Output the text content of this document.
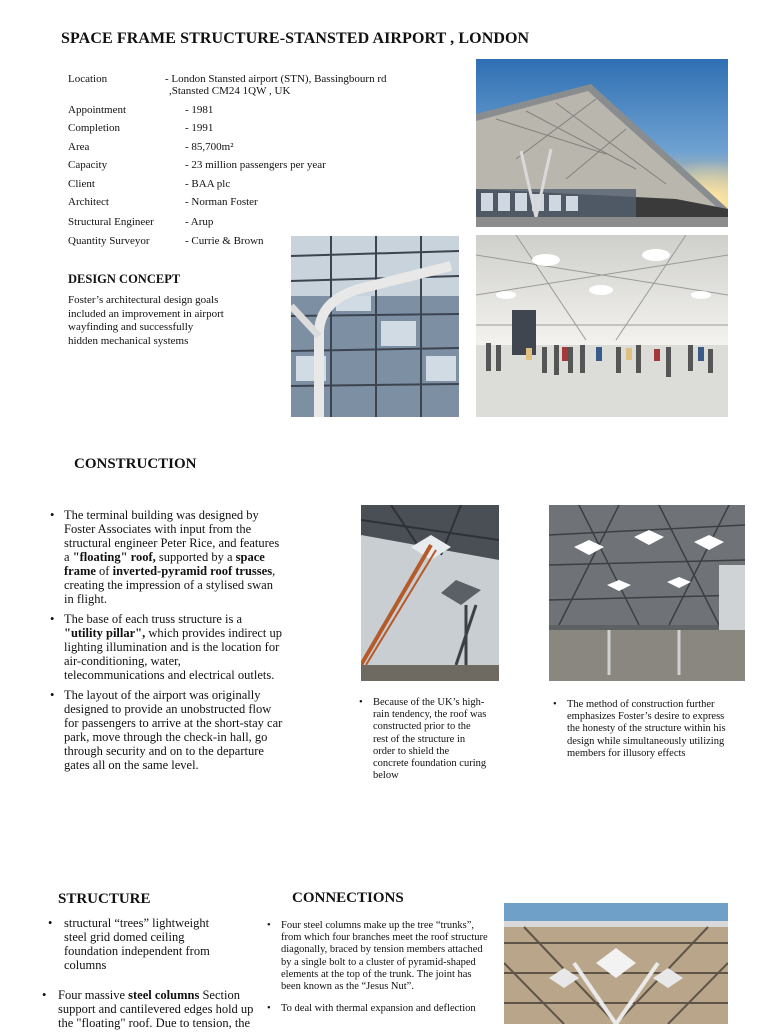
SPACE FRAME STRUCTURE-STANSTED AIRPORT , LONDON
Location	- London Stansted airport (STN), Bassingbourn rd
,Stansted CM24 1QW , UK
Appointment	- 1981
Completion	- 1991
Area	- 85,700m²
Capacity	- 23 million passengers per year
Client	- BAA plc
Architect	- Norman Foster
Structural Engineer	- Arup
Quantity Surveyor	- Currie & Brown
DESIGN CONCEPT
Foster’s architectural design goals
included an improvement in airport
wayfinding and successfully
hidden mechanical systems
CONSTRUCTION
• The terminal building was designed by Foster Associates with input from the structural engineer Peter Rice, and features a "floating" roof, supported by a space frame of inverted-pyramid roof trusses, creating the impression of a stylised swan in flight.
• The base of each truss structure is a "utility pillar", which provides indirect up lighting illumination and is the location for air-conditioning, water, telecommunications and electrical outlets.
• The layout of the airport was originally designed to provide an unobstructed flow for passengers to arrive at the short-stay car park, move through the check-in hall, go through security and on to the departure gates all on the same level.
• Because of the UK’s high-rain tendency, the roof was constructed prior to the rest of the structure in order to shield the concrete foundation curing below
• The method of construction further emphasizes Foster’s desire to express the honesty of the structure within his design while simultaneously utilizing members for illusory effects
STRUCTURE
• structural “trees” lightweight steel grid domed ceiling foundation independent from columns
• Four massive steel columns Section support and cantilevered edges hold up the "floating" roof. Due to tension, the
CONNECTIONS
• Four steel columns make up the tree “trunks”, from which four branches meet the roof structure diagonally, braced by tension members attached by a single bolt to a cluster of pyramid-shaped elements at the top of the trunk. The joint has been known as the “Jesus Nut”.
• To deal with thermal expansion and deflection
